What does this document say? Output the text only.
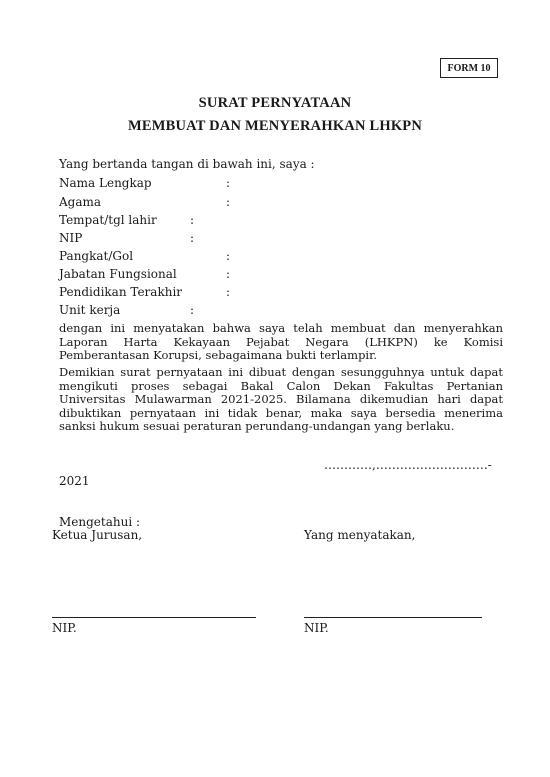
FORM 10
SURAT PERNYATAAN
MEMBUAT DAN MENYERAHKAN LHKPN
Yang bertanda tangan di bawah ini, saya :
Nama Lengkap	:
Agama	:
Tempat/tgl lahir	:
NIP	:
Pangkat/Gol	:
Jabatan Fungsional	:
Pendidikan Terakhir	:
Unit kerja	:
dengan ini menyatakan bahwa saya telah membuat dan menyerahkan Laporan Harta Kekayaan Pejabat Negara (LHKPN) ke Komisi Pemberantasan Korupsi, sebagaimana bukti terlampir.
Demikian surat pernyataan ini dibuat dengan sesungguhnya untuk dapat mengikuti proses sebagai Bakal Calon Dekan Fakultas Pertanian Universitas Mulawarman 2021-2025. Bilamana dikemudian hari dapat dibuktikan pernyataan ini tidak benar, maka saya bersedia menerima sanksi hukum sesuai peraturan perundang-undangan yang berlaku.
…………,……………………….-
2021
Mengetahui :
Ketua Jurusan,	Yang menyatakan,
NIP.	NIP.
